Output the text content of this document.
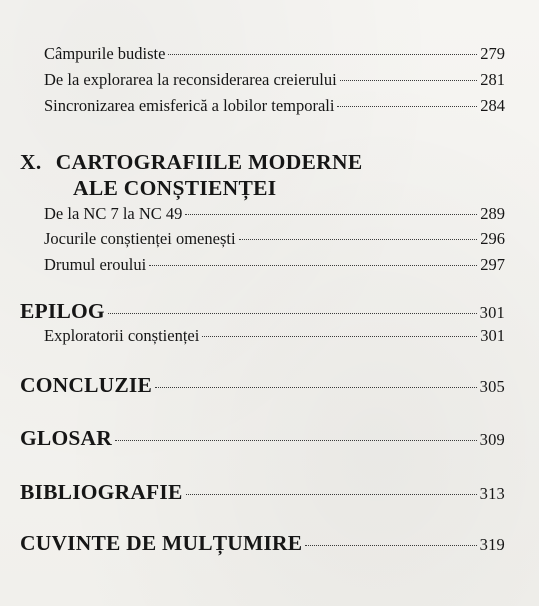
Câmpurile budiste	279
De la explorarea la reconsiderarea creierului	281
Sincronizarea emisferică a lobilor temporali	284
X. CARTOGRAFIILE MODERNE
ALE CONȘTIENȚEI
De la NC 7 la NC 49	289
Jocurile conștienței omenești	296
Drumul eroului	297
EPILOG	301
Exploratorii conștienței	301
CONCLUZIE	305
GLOSAR	309
BIBLIOGRAFIE	313
CUVINTE DE MULȚUMIRE	319
